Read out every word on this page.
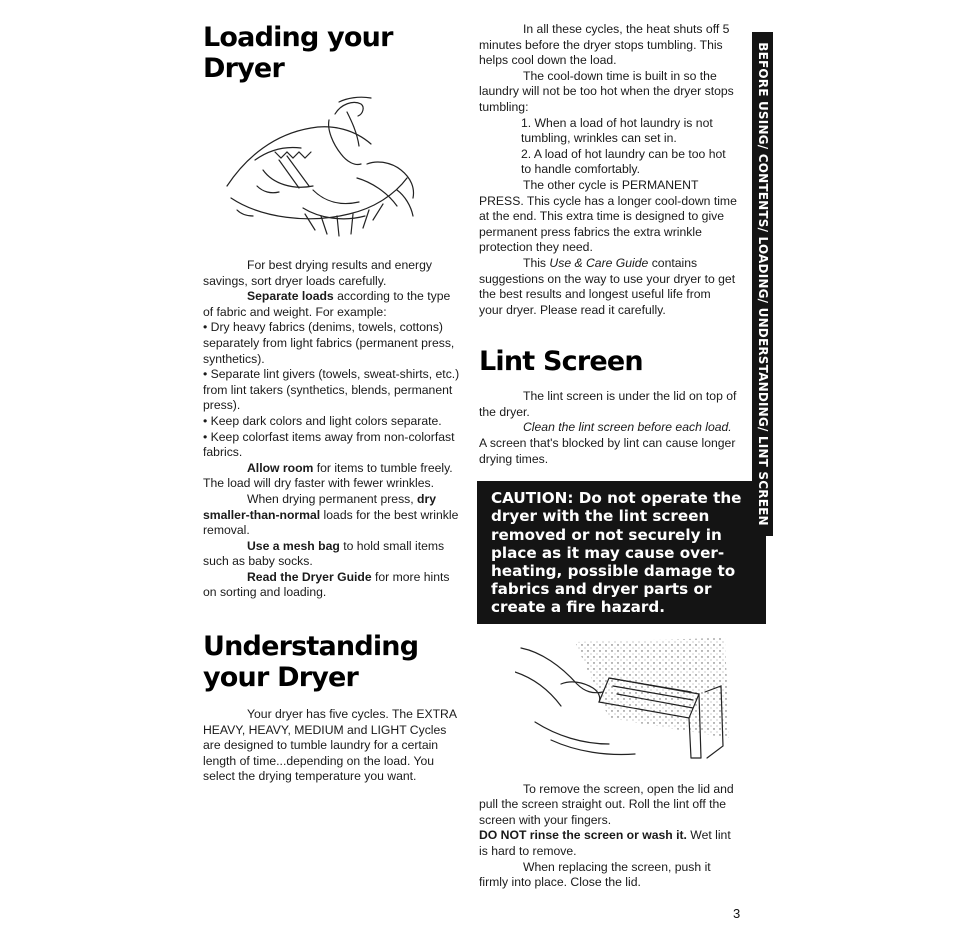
Loading your
Dryer

For best drying results and energy savings, sort dryer loads carefully.

Separate loads according to the type of fabric and weight. For example:

• Dry heavy fabrics (denims, towels, cottons) separately from light fabrics (permanent press, synthetics).

• Separate lint givers (towels, sweat-shirts, etc.) from lint takers (synthetics, blends, permanent press).

• Keep dark colors and light colors separate.

• Keep colorfast items away from non-colorfast fabrics.

Allow room for items to tumble freely. The load will dry faster with fewer wrinkles.

When drying permanent press, dry smaller-than-normal loads for the best wrinkle removal.

Use a mesh bag to hold small items such as baby socks.

Read the Dryer Guide for more hints on sorting and loading.

Understanding
your Dryer

Your dryer has five cycles. The EXTRA HEAVY, HEAVY, MEDIUM and LIGHT Cycles are designed to tumble laundry for a certain length of time...depending on the load. You select the drying temperature you want.

In all these cycles, the heat shuts off 5 minutes before the dryer stops tumbling. This helps cool down the load.

The cool-down time is built in so the laundry will not be too hot when the dryer stops tumbling:

1. When a load of hot laundry is not tumbling, wrinkles can set in.

2. A load of hot laundry can be too hot to handle comfortably.

The other cycle is PERMANENT PRESS. This cycle has a longer cool-down time at the end. This extra time is designed to give permanent press fabrics the extra wrinkle protection they need.

This Use & Care Guide contains suggestions on the way to use your dryer to get the best results and longest useful life from your dryer. Please read it carefully.

Lint Screen

The lint screen is under the lid on top of the dryer.

Clean the lint screen before each load. A screen that's blocked by lint can cause longer drying times.

CAUTION: Do not operate the dryer with the lint screen removed or not securely in place as it may cause over-heating, possible damage to fabrics and dryer parts or create a fire hazard.

To remove the screen, open the lid and pull the screen straight out. Roll the lint off the screen with your fingers.

DO NOT rinse the screen or wash it. Wet lint is hard to remove.

When replacing the screen, push it firmly into place. Close the lid.

BEFORE USING/ CONTENTS/ LOADING/ UNDERSTANDING/ LINT SCREEN
3
